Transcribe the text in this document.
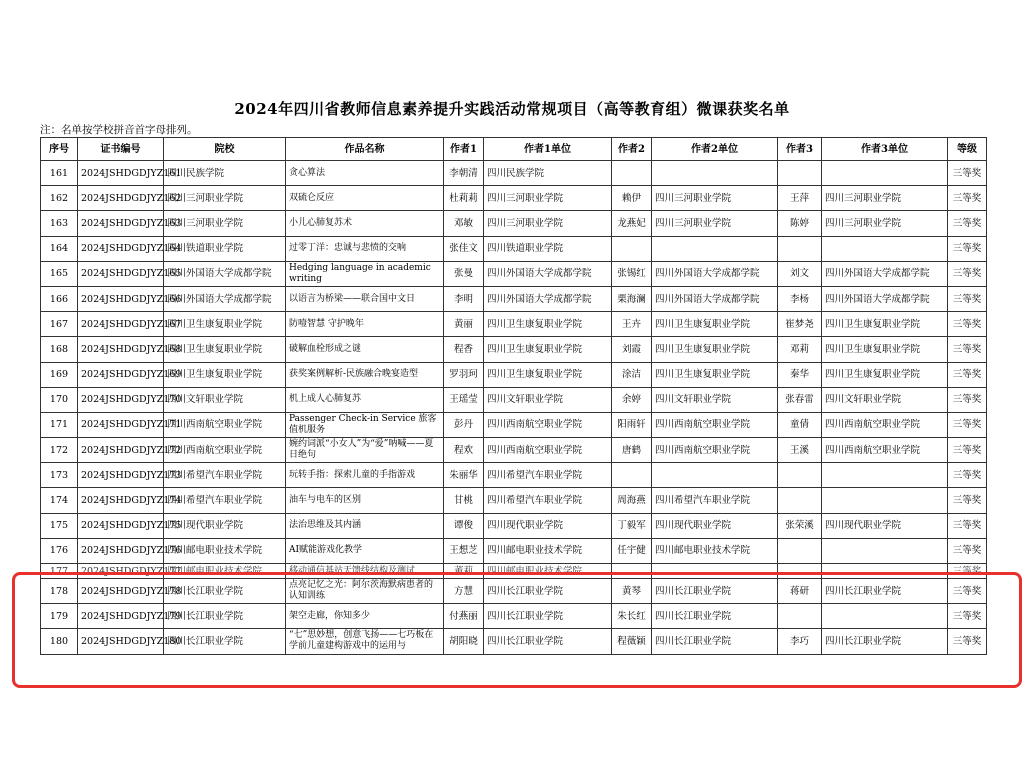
2024年四川省教师信息素养提升实践活动常规项目（高等教育组）微课获奖名单
注：名单按学校拼音首字母排列。
序号	证书编号	院校	作品名称	作者1	作者1单位	作者2	作者2单位	作者3	作者3单位	等级
161	2024JSHDGDJYZ161	四川民族学院	贪心算法	李朝清	四川民族学院					三等奖
162	2024JSHDGDJYZ162	四川三河职业学院	双硫仑反应	杜莉莉	四川三河职业学院	赖伊	四川三河职业学院	王萍	四川三河职业学院	三等奖
163	2024JSHDGDJYZ163	四川三河职业学院	小儿心肺复苏术	邓敏	四川三河职业学院	龙燕妃	四川三河职业学院	陈婷	四川三河职业学院	三等奖
164	2024JSHDGDJYZ164	四川铁道职业学院	过零丁洋：忠诚与悲愤的交响	张佳文	四川铁道职业学院					三等奖
165	2024JSHDGDJYZ165	四川外国语大学成都学院	Hedging language in academic writing	张曼	四川外国语大学成都学院	张锡红	四川外国语大学成都学院	刘文	四川外国语大学成都学院	三等奖
166	2024JSHDGDJYZ166	四川外国语大学成都学院	以语言为桥梁——联合国中文日	李明	四川外国语大学成都学院	栗海澜	四川外国语大学成都学院	李杨	四川外国语大学成都学院	三等奖
167	2024JSHDGDJYZ167	四川卫生康复职业学院	防噎智慧 守护晚年	黄丽	四川卫生康复职业学院	王卉	四川卫生康复职业学院	崔梦尧	四川卫生康复职业学院	三等奖
168	2024JSHDGDJYZ168	四川卫生康复职业学院	破解血栓形成之谜	程香	四川卫生康复职业学院	刘霞	四川卫生康复职业学院	邓莉	四川卫生康复职业学院	三等奖
169	2024JSHDGDJYZ169	四川卫生康复职业学院	获奖案例解析-民族融合晚宴造型	罗羽珂	四川卫生康复职业学院	涂洁	四川卫生康复职业学院	秦华	四川卫生康复职业学院	三等奖
170	2024JSHDGDJYZ170	四川文轩职业学院	机上成人心肺复苏	王瑶莹	四川文轩职业学院	余婷	四川文轩职业学院	张春雷	四川文轩职业学院	三等奖
171	2024JSHDGDJYZ171	四川西南航空职业学院	Passenger Check-in Service 旅客值机服务	彭丹	四川西南航空职业学院	阳雨轩	四川西南航空职业学院	童倩	四川西南航空职业学院	三等奖
172	2024JSHDGDJYZ172	四川西南航空职业学院	婉约词派“小女人”为“爱”呐喊——夏日绝句	程欢	四川西南航空职业学院	唐鹤	四川西南航空职业学院	王溪	四川西南航空职业学院	三等奖
173	2024JSHDGDJYZ173	四川希望汽车职业学院	玩转手指：探索儿童的手指游戏	朱丽华	四川希望汽车职业学院					三等奖
174	2024JSHDGDJYZ174	四川希望汽车职业学院	油车与电车的区别	甘桃	四川希望汽车职业学院	周海燕	四川希望汽车职业学院			三等奖
175	2024JSHDGDJYZ175	四川现代职业学院	法治思维及其内涵	谭俊	四川现代职业学院	丁毅军	四川现代职业学院	张荣溪	四川现代职业学院	三等奖
176	2024JSHDGDJYZ176	四川邮电职业技术学院	AI赋能游戏化教学	王想芝	四川邮电职业技术学院	任宇健	四川邮电职业技术学院			三等奖
177	2024JSHDGDJYZ177	四川邮电职业技术学院	移动通信基站天馈线结构及测试	董莉	四川邮电职业技术学院					三等奖
178	2024JSHDGDJYZ178	四川长江职业学院	点亮记忆之光：阿尔茨海默病患者的认知训练	方慧	四川长江职业学院	黄琴	四川长江职业学院	蒋研	四川长江职业学院	三等奖
179	2024JSHDGDJYZ179	四川长江职业学院	架空走廊，你知多少	付燕丽	四川长江职业学院	朱长红	四川长江职业学院			三等奖
180	2024JSHDGDJYZ180	四川长江职业学院	“七”思妙想，创意飞扬——七巧板在学前儿童建构游戏中的运用与	胡阳晓	四川长江职业学院	程薇颖	四川长江职业学院	李巧	四川长江职业学院	三等奖
